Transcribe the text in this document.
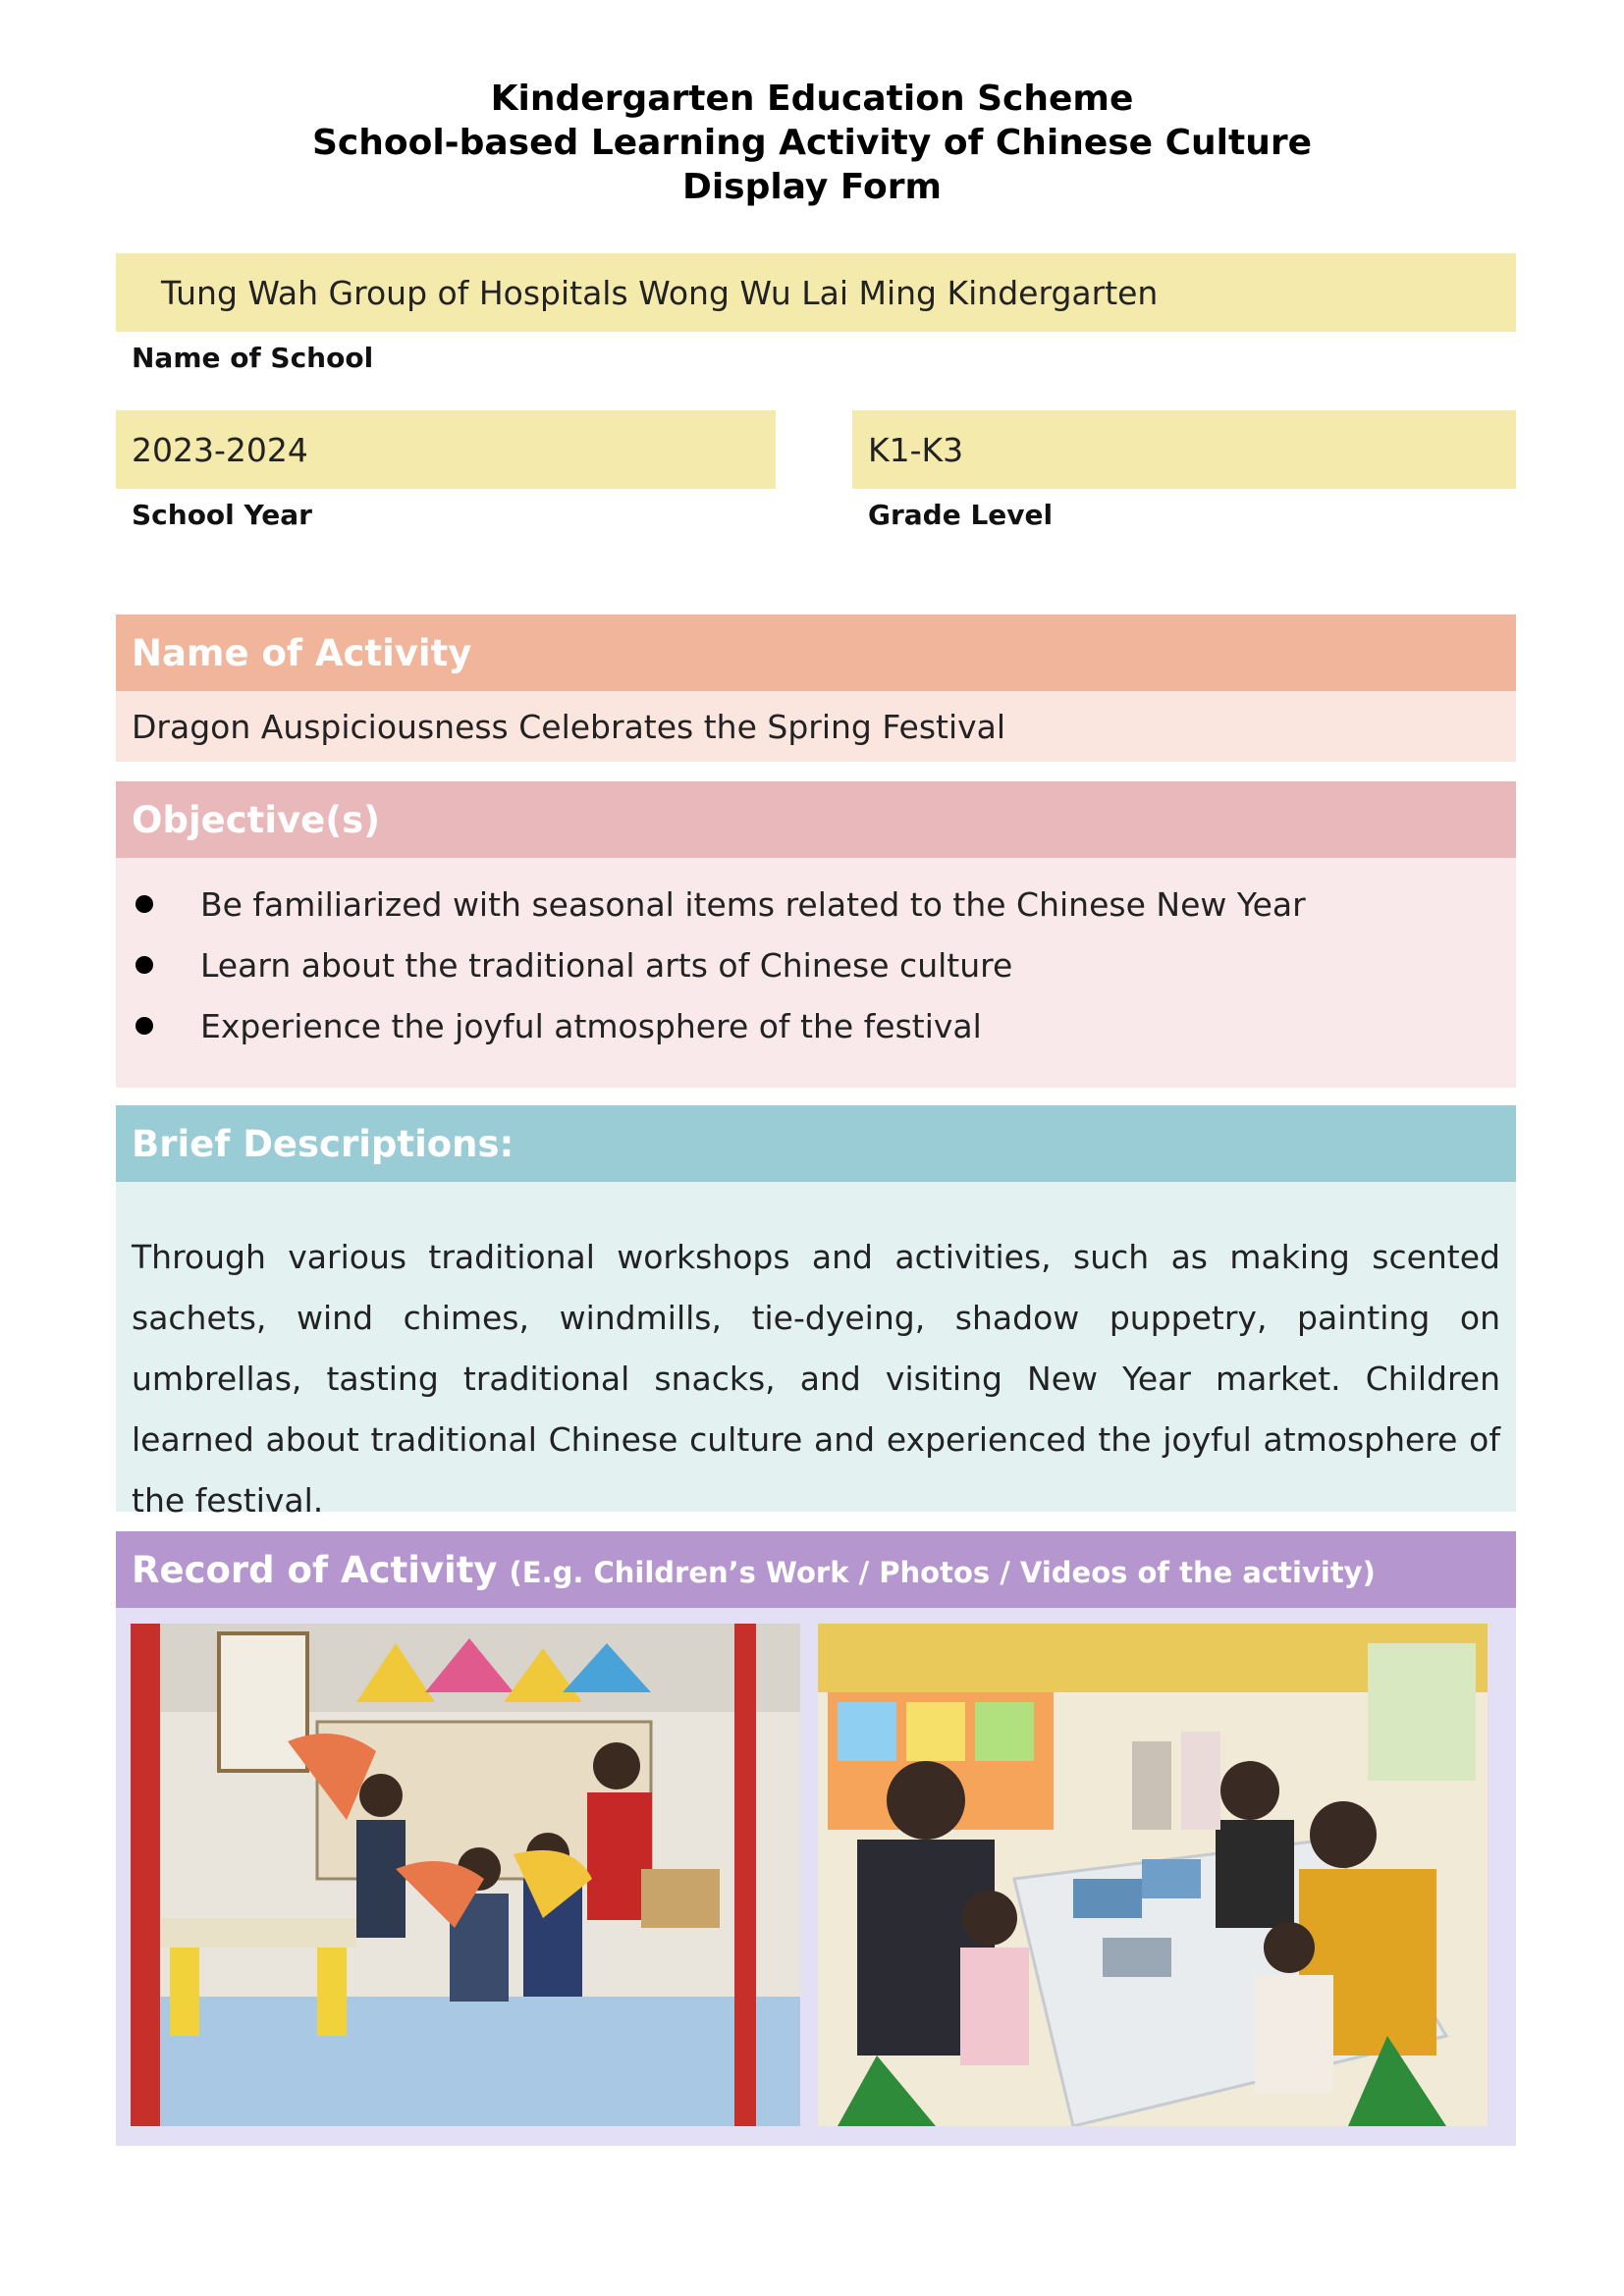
Kindergarten Education Scheme
School-based Learning Activity of Chinese Culture
Display Form
Tung Wah Group of Hospitals Wong Wu Lai Ming Kindergarten
Name of School
2023-2024
School Year
K1-K3
Grade Level
Name of Activity
Dragon Auspiciousness Celebrates the Spring Festival
Objective(s)
Be familiarized with seasonal items related to the Chinese New Year
Learn about the traditional arts of Chinese culture
Experience the joyful atmosphere of the festival
Brief Descriptions:
Through various traditional workshops and activities, such as making scented sachets, wind chimes, windmills, tie-dyeing, shadow puppetry, painting on umbrellas, tasting traditional snacks, and visiting New Year market. Children learned about traditional Chinese culture and experienced the joyful atmosphere of the festival.
Record of Activity (E.g. Children’s Work / Photos / Videos of the activity)
